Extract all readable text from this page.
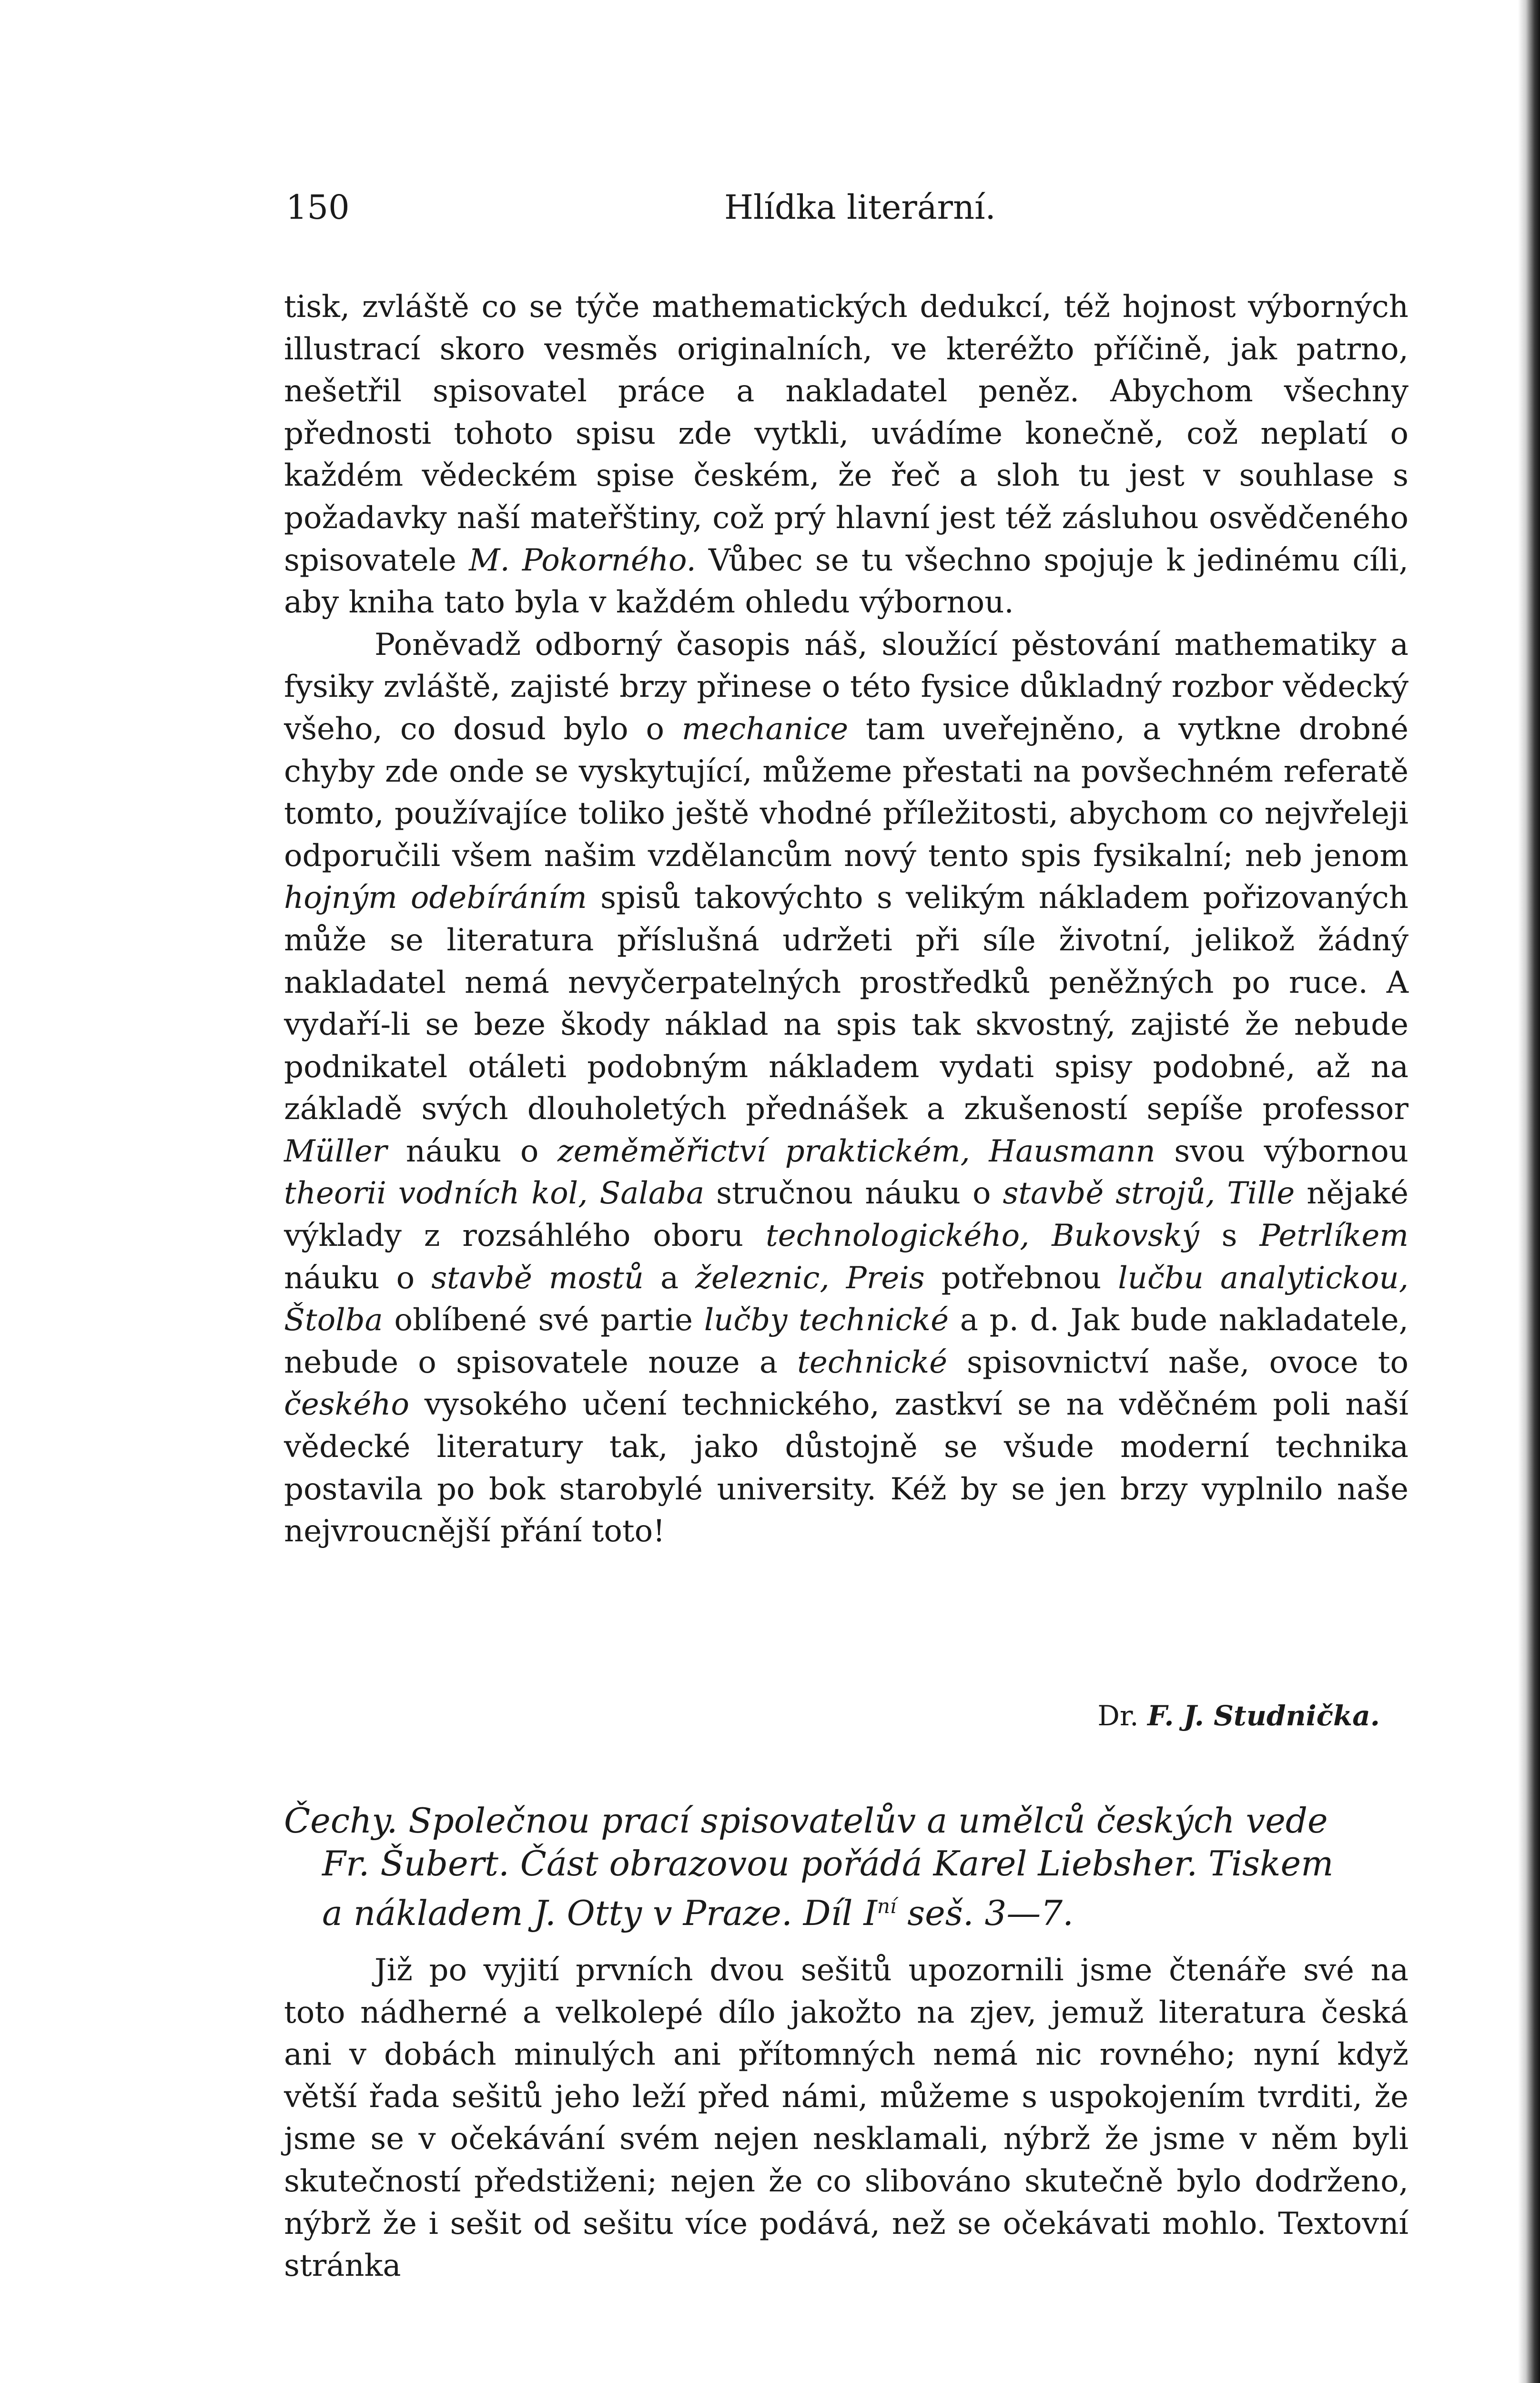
150	Hlídka literární.

tisk, zvláště co se týče mathematických dedukcí, též hojnost výborných illustrací skoro vesměs originalních, ve kteréžto příčině, jak patrno, nešetřil spisovatel práce a nakladatel peněz. Abychom všechny přednosti tohoto spisu zde vytkli, uvádíme konečně, což neplatí o každém vědeckém spise českém, že řeč a sloh tu jest v souhlase s požadavky naší mateřštiny, což prý hlavní jest též zásluhou osvědčeného spisovatele M. Pokorného. Vůbec se tu všechno spojuje k jedinému cíli, aby kniha tato byla v každém ohledu výbornou.

Poněvadž odborný časopis náš, sloužící pěstování mathematiky a fysiky zvláště, zajisté brzy přinese o této fysice důkladný rozbor vědecký všeho, co dosud bylo o mechanice tam uveřejněno, a vytkne drobné chyby zde onde se vyskytující, můžeme přestati na povšechném referatě tomto, používajíce toliko ještě vhodné příležitosti, abychom co nejvřeleji odporučili všem našim vzdělancům nový tento spis fysikalní; neb jenom hojným odebíráním spisů takovýchto s velikým nákladem pořizovaných může se literatura příslušná udržeti při síle životní, jelikož žádný nakladatel nemá nevyčerpatelných prostředků peněžných po ruce. A vydaří-li se beze škody náklad na spis tak skvostný, zajisté že nebude podnikatel otáleti podobným nákladem vydati spisy podobné, až na základě svých dlouholetých přednášek a zkušeností sepíše professor Müller náuku o zeměměřictví praktickém, Hausmann svou výbornou theorii vodních kol, Salaba stručnou náuku o stavbě strojů, Tille nějaké výklady z rozsáhlého oboru technologického, Bukovský s Petrlíkem náuku o stavbě mostů a železnic, Preis potřebnou lučbu analytickou, Štolba oblíbené své partie lučby technické a p. d. Jak bude nakladatele, nebude o spisovatele nouze a technické spisovnictví naše, ovoce to českého vysokého učení technického, zastkví se na vděčném poli naší vědecké literatury tak, jako důstojně se všude moderní technika postavila po bok starobylé university. Kéž by se jen brzy vyplnilo naše nejvroucnější přání toto!

Dr. F. J. Studnička.
Čechy. Společnou prací spisovatelův a umělců českých vede
Fr. Šubert. Část obrazovou pořádá Karel Liebsher. Tiskem
a nákladem J. Otty v Praze. Díl $I^{ní}$ seš. 3—7.

Již po vyjití prvních dvou sešitů upozornili jsme čtenáře své na toto nádherné a velkolepé dílo jakožto na zjev, jemuž literatura česká ani v dobách minulých ani přítomných nemá nic rovného; nyní když větší řada sešitů jeho leží před námi, můžeme s uspokojením tvrditi, že jsme se v očekávání svém nejen nesklamali, nýbrž že jsme v něm byli skutečností předstiženi; nejen že co slibováno skutečně bylo dodrženo, nýbrž že i sešit od sešitu více podává, než se očekávati mohlo. Textovní stránka
